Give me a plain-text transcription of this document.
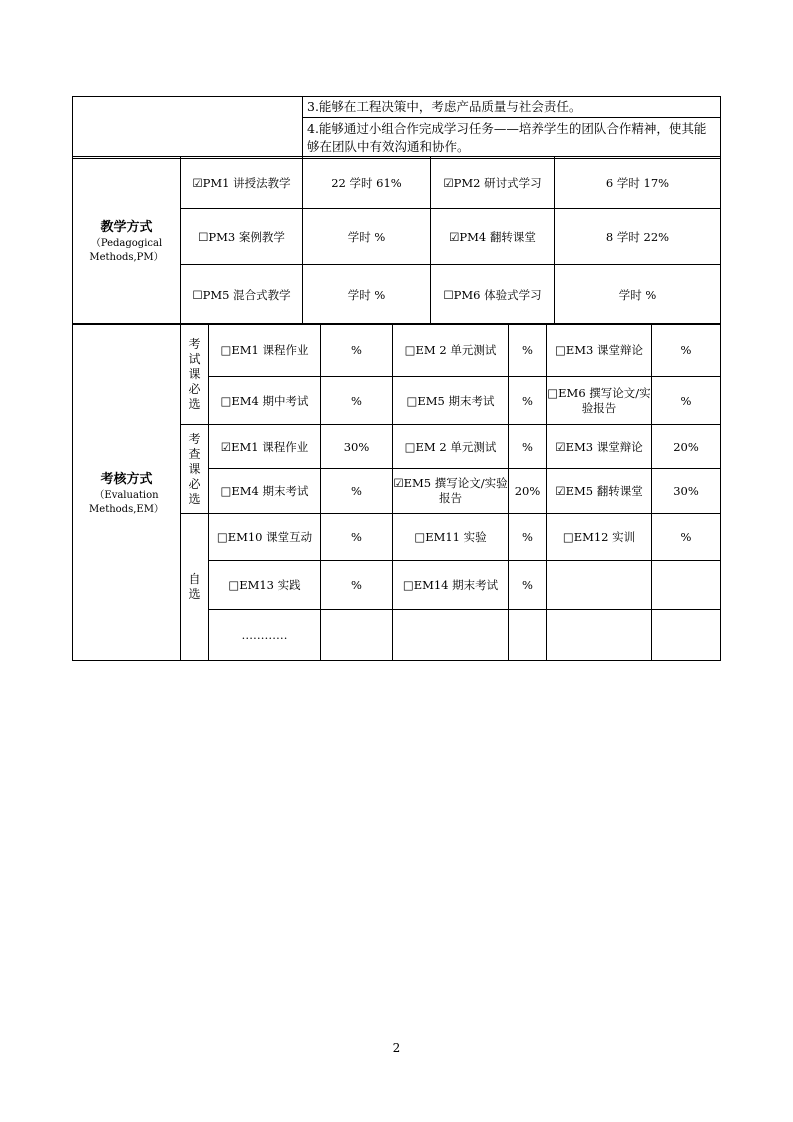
	3.能够在工程决策中，考虑产品质量与社会责任。
4.能够通过小组合作完成学习任务——培养学生的团队合作精神，使其能够在团队中有效沟通和协作。
教学方式
（Pedagogical Methods,PM）	☑PM1 讲授法教学	22 学时 61%	☑PM2 研讨式学习	6 学时 17%
	☐PM3 案例教学	学时 %	☑PM4 翻转课堂	8 学时 22%
	☐PM5 混合式教学	学时 %	☐PM6 体验式学习	学时 %
考核方式
（Evaluation Methods,EM）	考试课必选	□EM1 课程作业	%	□EM 2 单元测试	%	□EM3 课堂辩论	%
		□EM4 期中考试	%	□EM5 期末考试	%	□EM6 撰写论文/实验报告	%

	考查课必选	☑EM1 课程作业	30%	□EM 2 单元测试	%	☑EM3 课堂辩论	20%
		□EM4 期末考试	%	☑EM5 撰写论文/实验报告	20%	☑EM5 翻转课堂	30%

	自选	□EM10 课堂互动	%	□EM11 实验	%	□EM12 实训	%
		□EM13 实践	%	□EM14 期末考试	%		
		…………					
2
